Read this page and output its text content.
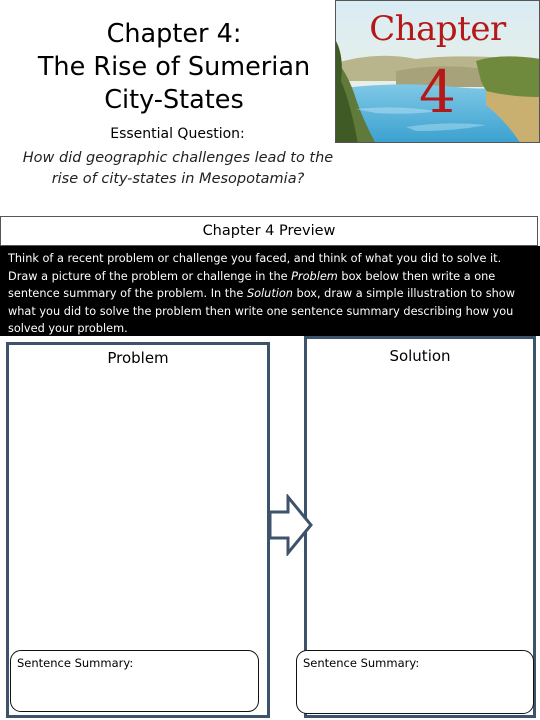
Chapter 4:
The Rise of Sumerian
City-States
Chapter
4
Essential Question:
How did geographic challenges lead to the rise of city-states in Mesopotamia?
Chapter 4 Preview
Think of a recent problem or challenge you faced, and think of what you did to solve it. Draw a picture of the problem or challenge in the Problem box below then write a one sentence summary of the problem. In the Solution box, draw a simple illustration to show what you did to solve the problem then write one sentence summary describing how you solved your problem.
Problem	Solution
Sentence Summary:	Sentence Summary:
